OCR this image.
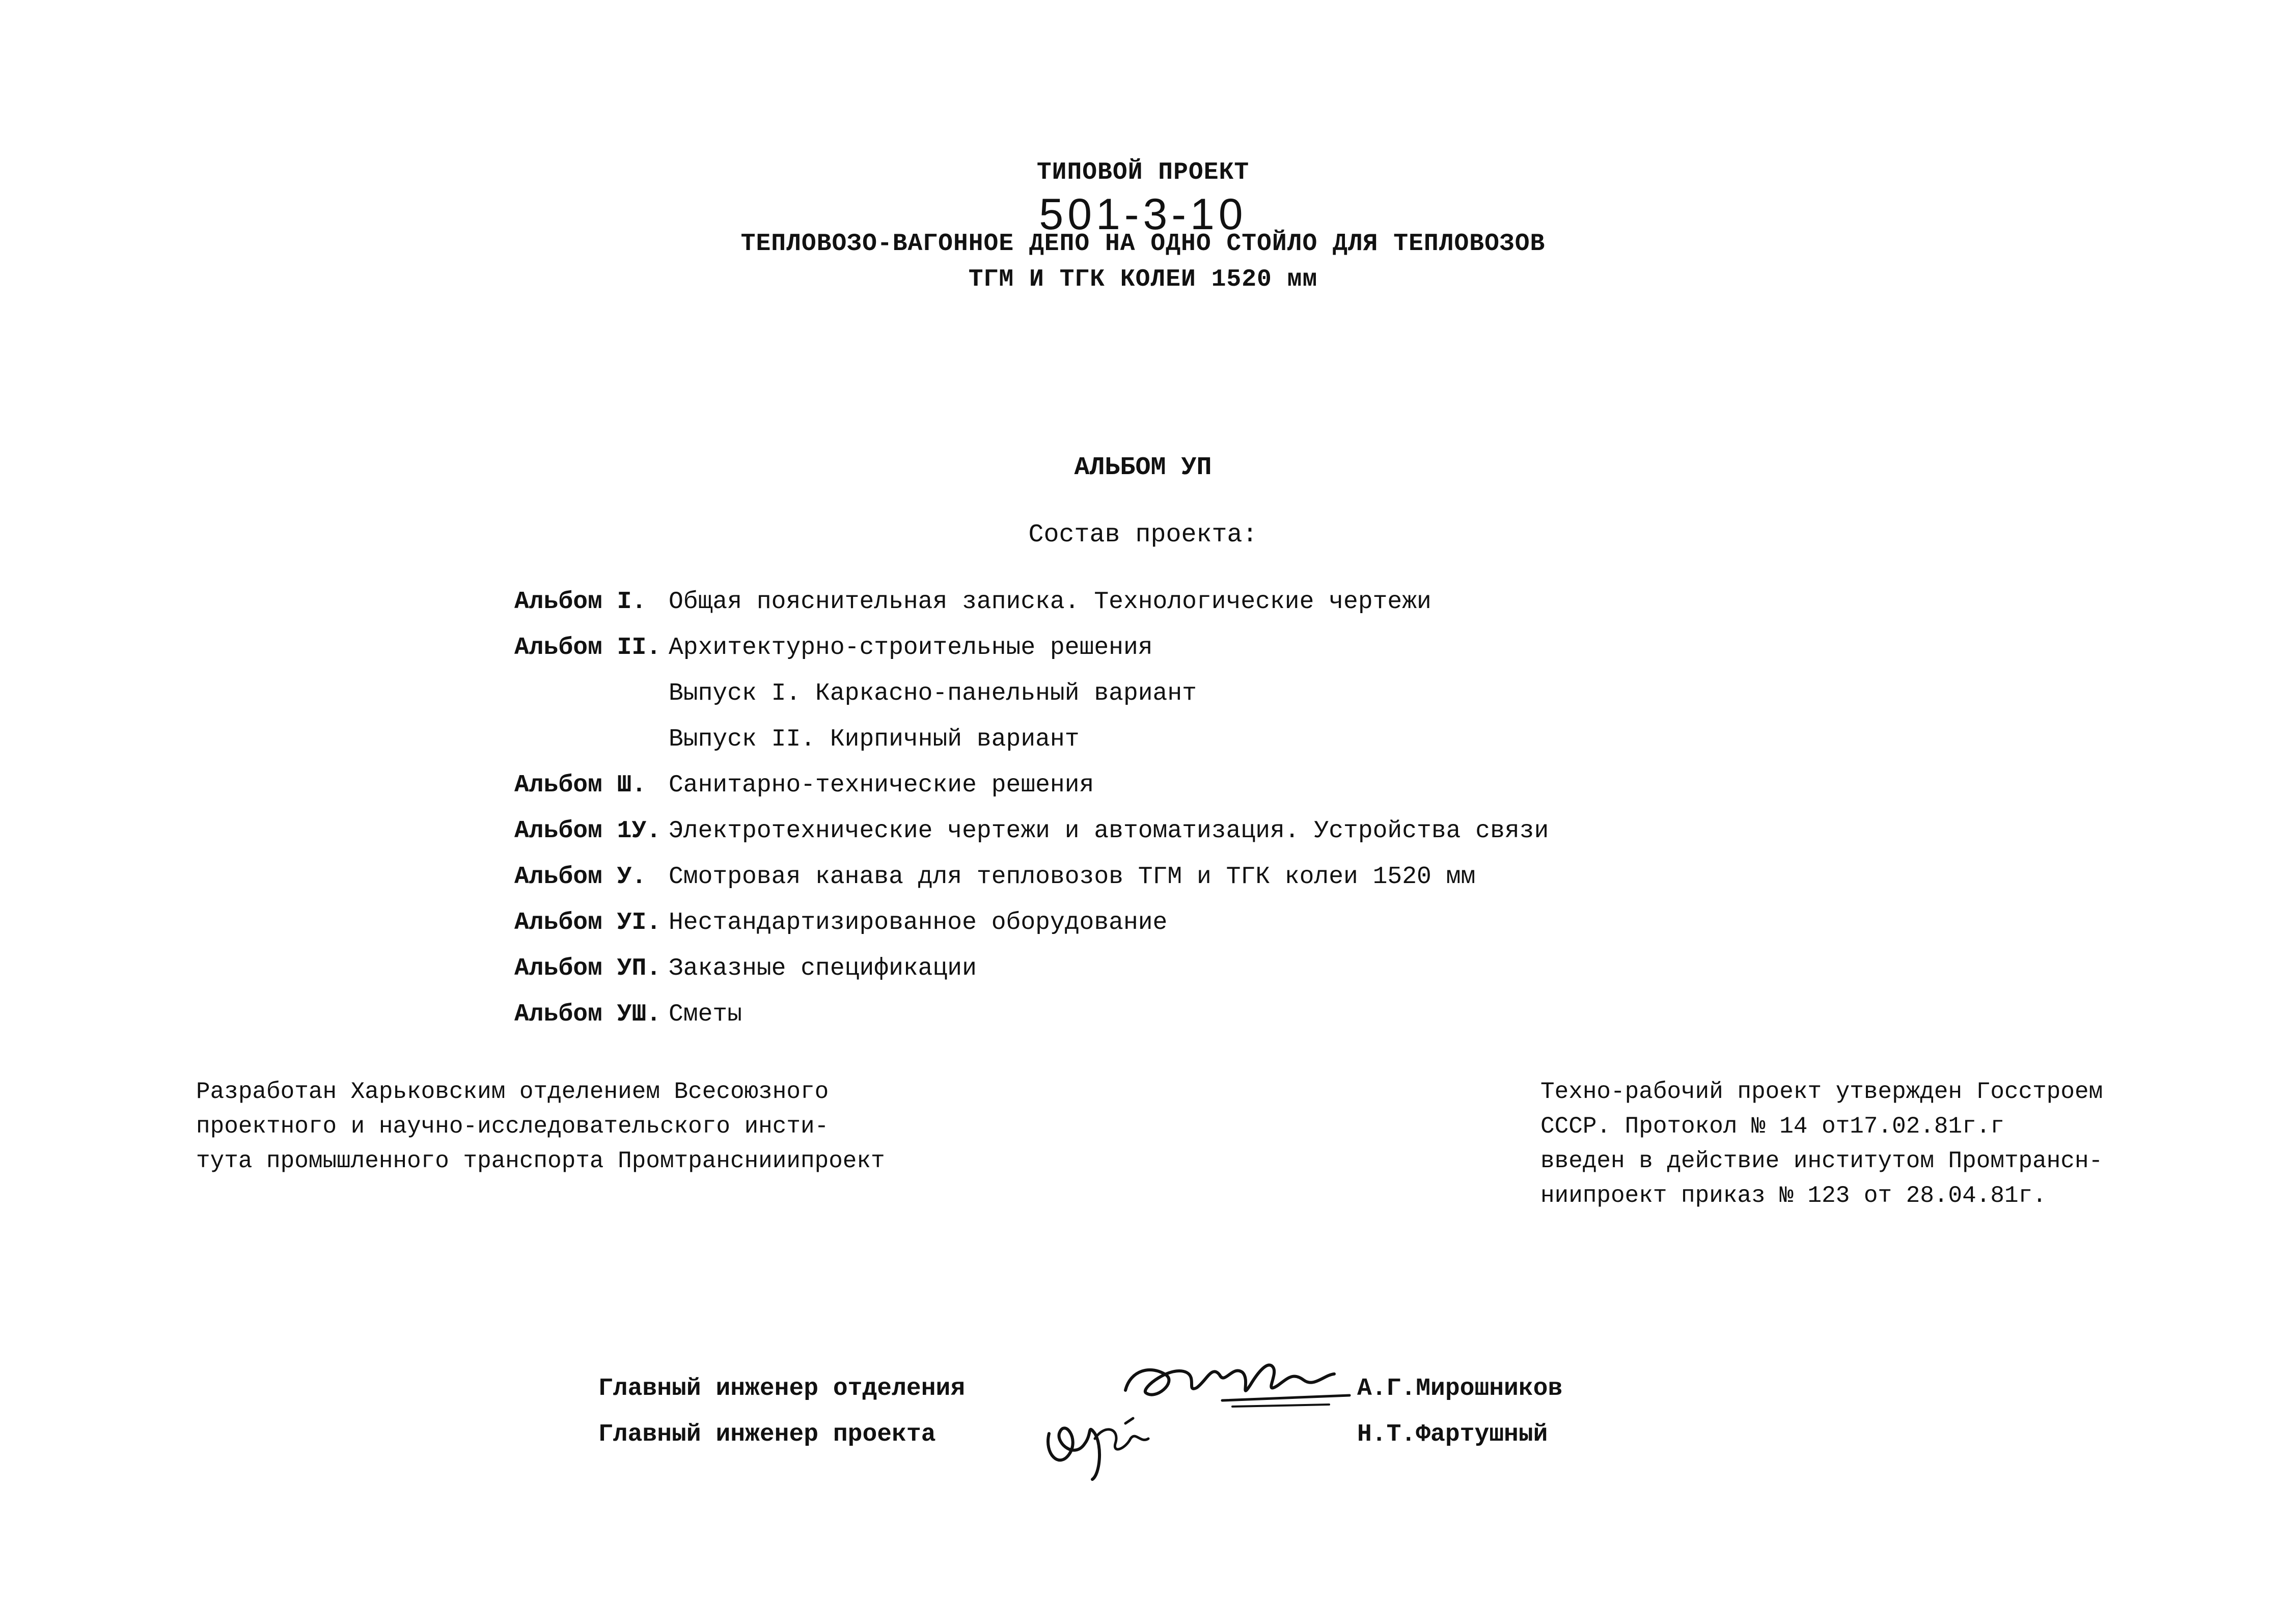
ТИПОВОЙ ПРОЕКТ
501-3-10
ТЕПЛОВОЗО-ВАГОННОЕ ДЕПО НА ОДНО СТОЙЛО ДЛЯ ТЕПЛОВОЗОВ
ТГМ И ТГК КОЛЕИ 1520 мм
АЛЬБОМ УП
Состав проекта:
Альбом I. Общая пояснительная записка. Технологические чертежи
Альбом II. Архитектурно-строительные решения
Выпуск I. Каркасно-панельный вариант
Выпуск II. Кирпичный вариант
Альбом Ш. Санитарно-технические решения
Альбом 1У. Электротехнические чертежи и автоматизация. Устройства связи
Альбом У. Смотровая канава для тепловозов ТГМ и ТГК колеи 1520 мм
Альбом УI. Нестандартизированное оборудование
Альбом УП. Заказные спецификации
Альбом УШ. Сметы
Разработан Харьковским отделением Всесоюзного
проектного и научно-исследовательского инсти-
тута промышленного транспорта Промтранснииипроект
Техно-рабочий проект утвержден Госстроем
СССР. Протокол № 14 от17.02.81г.г
введен в действие институтом Промтрансн-
ниипроект приказ № 123 от 28.04.81г.
Главный инженер отделения	А.Г.Мирошников
Главный инженер проекта	Н.Т.Фартушный
